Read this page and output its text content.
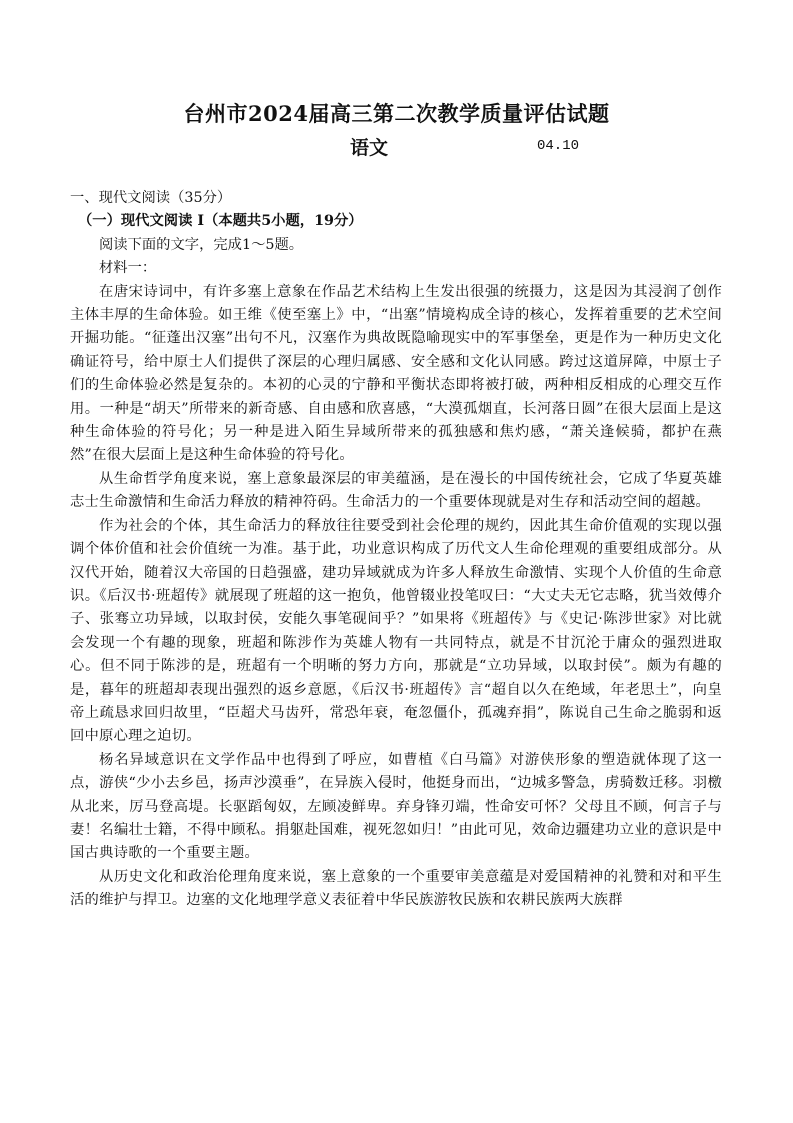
台州市2024届高三第二次教学质量评估试题
语文	04.10

一、现代文阅读（35分）

（一）现代文阅读 I（本题共5小题，19分）

阅读下面的文字，完成1～5题。

材料一：

在唐宋诗词中，有许多塞上意象在作品艺术结构上生发出很强的统摄力，这是因为其浸润了创作主体丰厚的生命体验。如王维《使至塞上》中，“出塞”情境构成全诗的核心，发挥着重要的艺术空间开掘功能。“征蓬出汉塞”出句不凡，汉塞作为典故既隐喻现实中的军事堡垒，更是作为一种历史文化确证符号，给中原士人们提供了深层的心理归属感、安全感和文化认同感。跨过这道屏障，中原士子们的生命体验必然是复杂的。本初的心灵的宁静和平衡状态即将被打破，两种相反相成的心理交互作用。一种是“胡天”所带来的新奇感、自由感和欣喜感，“大漠孤烟直，长河落日圆”在很大层面上是这种生命体验的符号化；另一种是进入陌生异域所带来的孤独感和焦灼感，“萧关逢候骑，都护在燕然”在很大层面上是这种生命体验的符号化。

从生命哲学角度来说，塞上意象最深层的审美蕴涵，是在漫长的中国传统社会，它成了华夏英雄志士生命激情和生命活力释放的精神符码。生命活力的一个重要体现就是对生存和活动空间的超越。

作为社会的个体，其生命活力的释放往往要受到社会伦理的规约，因此其生命价值观的实现以强调个体价值和社会价值统一为准。基于此，功业意识构成了历代文人生命伦理观的重要组成部分。从汉代开始，随着汉大帝国的日趋强盛，建功异域就成为许多人释放生命激情、实现个人价值的生命意识。《后汉书·班超传》就展现了班超的这一抱负，他曾辍业投笔叹曰：“大丈夫无它志略，犹当效傅介子、张骞立功异域，以取封侯，安能久事笔砚间乎？”如果将《班超传》与《史记·陈涉世家》对比就会发现一个有趣的现象，班超和陈涉作为英雄人物有一共同特点，就是不甘沉沦于庸众的强烈进取心。但不同于陈涉的是，班超有一个明晰的努力方向，那就是“立功异域，以取封侯”。颇为有趣的是，暮年的班超却表现出强烈的返乡意愿，《后汉书·班超传》言“超自以久在绝域，年老思土”，向皇帝上疏恳求回归故里，“臣超犬马齿歼，常恐年衰，奄忽僵仆，孤魂弃捐”，陈说自己生命之脆弱和返回中原心理之迫切。

杨名异域意识在文学作品中也得到了呼应，如曹植《白马篇》对游侠形象的塑造就体现了这一点，游侠“少小去乡邑，扬声沙漠垂”，在异族入侵时，他挺身而出，“边城多警急，虏骑数迁移。羽檄从北来，厉马登高堤。长驱蹈匈奴，左顾凌鲜卑。弃身锋刃端，性命安可怀？父母且不顾，何言子与妻！名编壮士籍，不得中顾私。捐躯赴国难，视死忽如归！”由此可见，效命边疆建功立业的意识是中国古典诗歌的一个重要主题。

从历史文化和政治伦理角度来说，塞上意象的一个重要审美意蕴是对爱国精神的礼赞和对和平生活的维护与捍卫。边塞的文化地理学意义表征着中华民族游牧民族和农耕民族两大族群
